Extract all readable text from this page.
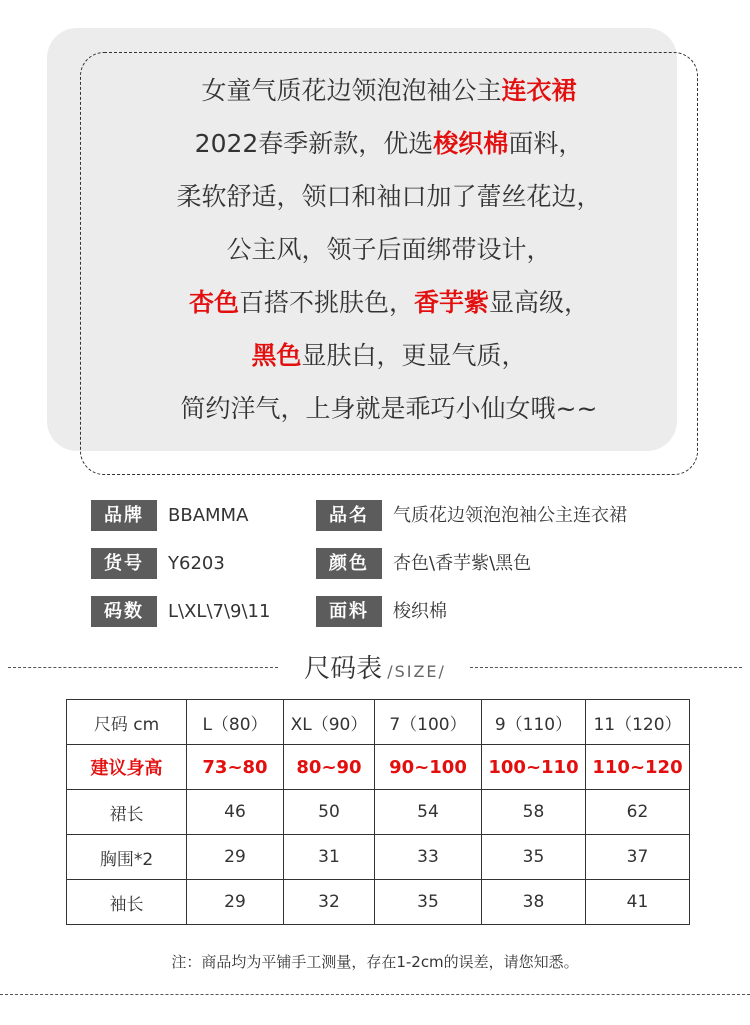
女童气质花边领泡泡袖公主连衣裙
2022春季新款，优选梭织棉面料，
柔软舒适，领口和袖口加了蕾丝花边，
公主风，领子后面绑带设计，
杏色百搭不挑肤色，香芋紫显高级，
黑色显肤白，更显气质，
简约洋气，上身就是乖巧小仙女哦~~
品牌	BBAMMA
货号	Y6203
码数	L\XL\7\9\11
品名	气质花边领泡泡袖公主连衣裙
颜色	杏色\香芋紫\黑色
面料	梭织棉
尺码表 /SIZE/
尺码 cm	L（80）	XL（90）	7（100）	9（110）	11（120）
建议身高	73~80	80~90	90~100	100~110	110~120
裙长	46	50	54	58	62
胸围*2	29	31	33	35	37
袖长	29	32	35	38	41
注：商品均为平铺手工测量，存在1-2cm的误差，请您知悉。
